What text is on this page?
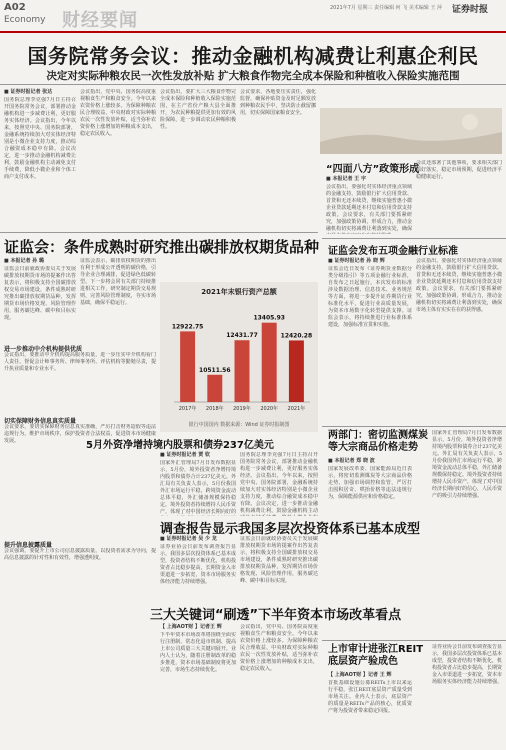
A02
Economy 财经要闻
2021年7月 星期三 责任编辑 何 飞 美术编辑 王 萍 证券时报
国务院常务会议：推动金融机构减费让利惠企利民
决定对实际种粮农民一次性发放补贴 扩大粮食作物完全成本保险和种植收入保险实施范围
■ 证券时报记者 张达
国务院总理李克强7月日主持召开国务院常务会议，部署推动金融机构进一步减费让利，更好服务实体经济。会议指出，今年以来，按照党中央、国务院部署，金融系统持续加大对实体经济特别是小微企业支持力度，推动综合融资成本稳中有降。会议决定，进一步推动金融机构减费让利，鼓励金融机构主动减免支付手续费，降低小微企业和个体工商户支付成本。
会议指出，党中央、国务院高度重视粮食生产和粮食安全。今年以来农资价格上涨较多。为保障种粮农民合理收益，中央财政对实际种粮农民一次性发放补贴，适当弥补农资价格上涨增加的种粮成本支出，稳定农民收入。
会议指出，要扩大三大粮食作物完全成本保险和种植收入保险实施范围，在主产省份产粮大县全面推开，为农民种粮提供更加有效的风险保障，进一步调动农民种粮积极性。
会议要求，各地要压实责任，强化监督，确保补贴资金及时足额发放到种粮农民手中，坚决防止截留挪用，切实保障国家粮食安全。
“四面八方”政策形成
■ 本报记者 王 宇
会议指出，要强化对实体经济重点领域的金融支持，鼓励银行扩大信用贷款、首贷和无还本续贷，继续实施普惠小微企业贷款延期还本付息和信用贷款支持政策。会议要求，有关部门要抓紧研究，加强政策协调，形成合力，推动金融机构切实将减费让利落到实处，确保
会议还部署了其他事项，要求相关部门抓好落实，稳定市场预期，促进经济平稳健康运行。
证监会：条件成熟时研究推出碳排放权期货品种
■ 本报记者 孙 璐
证监会日前就政协委员关于发展碳排放权期货市场的提案作出答复表示，将积极支持全国碳排放权交易市场建设，条件成熟时研究推出碳排放权期货品种，发挥期货市场价格发现、风险管理作用，服务碳达峰、碳中和目标实现。
证监会表示，碳排放权期货的推出有利于形成公开透明的碳价格，引导企业合理减排，促进绿色低碳转型。下一步将会同有关部门持续推进相关工作，研究制定期货交易规则，完善风险管理制度，夯实市场基础，确保平稳运行。
进一步推动中介机构提供优质
会议指出，要推动中介机构提高服务质量，进一步压实中介机构看门人责任，督促会计师事务所、律师事务所、评估机构等勤勉尽责，提升执业质量和专业水平。
切实保障财务信息真实质量
会议要求，要切实保障财务信息真实准确，严厉打击财务造假等违法违规行为，维护市场秩序，保护投资者合法权益，促进资本市场健康发展。
提升信息披露质量
会议强调，要提升上市公司信息披露质量，以投资者需求为导向，提高信息披露的针对性和有效性，增强透明度。
2021年末银行资产总额
12922.75
2017年
10511.56
2018年
12431.77
2019年
13405.93
2020年
12420.28
2021年
银行中国国内 数据来源：Wind 证券时报制图
5月外资净增持境内股票和债券237亿美元
■ 证券时报记者 贾 钦
国家外汇管理局7月日发布数据显示，5月份，境外投资者净增持境内股票和债券合计237亿美元。外汇局有关负责人表示，5月份我国外汇市场运行平稳，跨境资金流动总体平稳，外汇储备规模保持稳定。境外投资者持续增持人民币资产，体现了对中国经济长期向好的
国务院总理李克强7月日主持召开国务院常务会议，部署推动金融机构进一步减费让利，更好服务实体经济。会议指出，今年以来，按照党中央、国务院部署，金融系统持续加大对实体经济特别是小微企业支持力度，推动综合融资成本稳中有降。会议决定，进一步推动金融机构减费让利，鼓励金融机构主动
调查报告显示我国多层次投资体系已基本成型
■ 证券时报记者 吴 少 龙
证券业协会日前发布调查报告显示，我国多层次投资体系已基本成型，投资者结构不断优化，机构投资者占比稳步提高，长期资金入市渠道进一步拓宽，资本市场服务实体经济能力持续增强。
证监会日前就政协委员关于发展碳排放权期货市场的提案作出答复表示，将积极支持全国碳排放权交易市场建设，条件成熟时研究推出碳排放权期货品种，发挥期货市场价格发现、风险管理作用，服务碳达峰、碳中和目标实现。
三大关键词“刷透”下半年资本市场改革看点
【 上海AOT财 】记者王 辉
下半年资本市场改革将围绕全面实行注册制、常态化退市机制、提高上市公司质量三大关键词展开。业内人士认为，随着注册制改革的稳步推进，资本市场基础制度将更加完善，市场生态持续优化。
会议指出，党中央、国务院高度重视粮食生产和粮食安全。今年以来农资价格上涨较多。为保障种粮农民合理收益，中央财政对实际种粮农民一次性发放补贴，适当弥补农资价格上涨增加的种粮成本支出，稳定农民收入。
证监会发布五项金融行业标准
■ 证券时报记者 孙 晓 辉
证监会近日发布《证券期货业数据分类分级指引》等五项金融行业标准，自发布之日起施行。本次发布的标准涉及数据治理、信息技术、业务规范等方面，将进一步提升证券期货行业标准化水平，促进行业高质量发展，为资本市场数字化转型提供支撑。证监会表示，将持续推进行业标准体系建设，加强标准宣贯和实施。
会议指出，要强化对实体经济重点领域的金融支持，鼓励银行扩大信用贷款、首贷和无还本续贷，继续实施普惠小微企业贷款延期还本付息和信用贷款支持政策。会议要求，有关部门要抓紧研究，加强政策协调，形成合力，推动金融机构切实将减费让利落到实处，确保市场主体有实实在在的获得感。
两部门：密切监测煤炭等大宗商品价格走势
■ 本报记者 郑 晓 波
国家发展改革委、国家能源局近日表示，将密切监测煤炭等大宗商品价格走势，加强市场调控和监管，严厉打击囤积居奇、哄抬价格等违法违规行为，保障能源供应和价格稳定。
国家外汇管理局7月日发布数据显示，5月份，境外投资者净增持境内股票和债券合计237亿美元。外汇局有关负责人表示，5月份我国外汇市场运行平稳，跨境资金流动总体平稳，外汇储备规模保持稳定。境外投资者持续增持人民币资产，体现了对中国经济长期向好的信心，人民币资产的吸引力持续增强。
上市审计进张江REIT底层资产验成色
【 上海AOT财 】记者 王 辉
首批基础设施公募REITs上市以来运行平稳，张江REIT底层资产质量受到市场关注。业内人士表示，底层资产的质量是REITs产品的核心，优质资产将为投资者带来稳定回报。
证券业协会日前发布调查报告显示，我国多层次投资体系已基本成型，投资者结构不断优化，机构投资者占比稳步提高，长期资金入市渠道进一步拓宽，资本市场服务实体经济能力持续增强。
